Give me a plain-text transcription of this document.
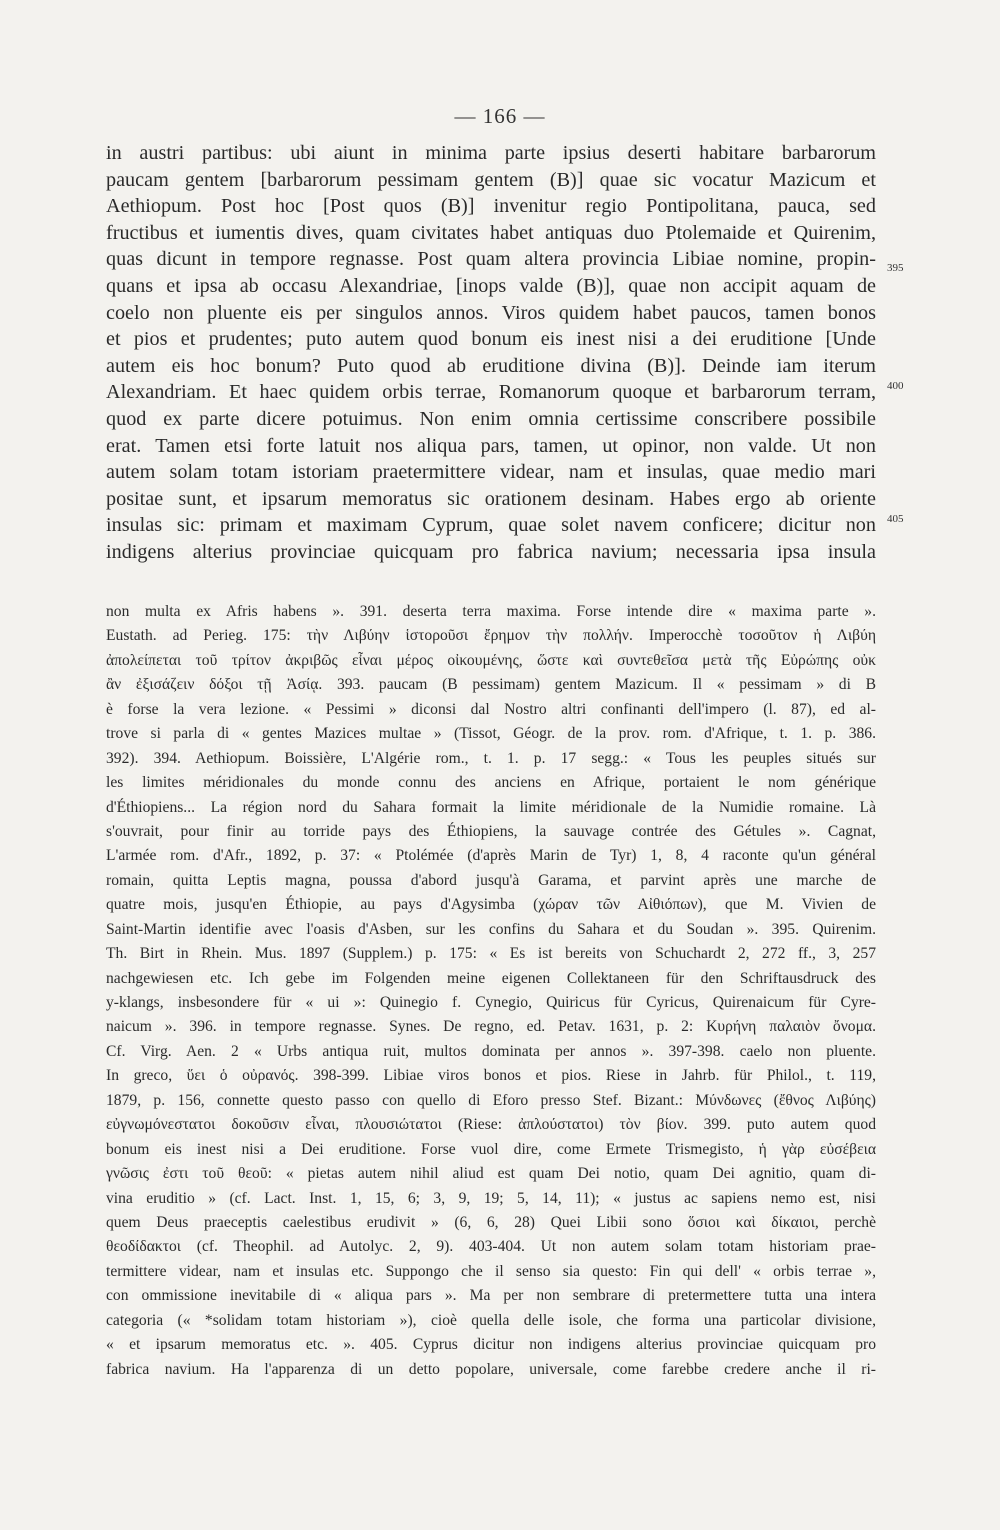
— 166 —
in austri partibus: ubi aiunt in minima parte ipsius deserti habitare barbarorum
paucam gentem [barbarorum pessimam gentem (B)] quae sic vocatur Mazicum et
Aethiopum. Post hoc [Post quos (B)] invenitur regio Pontipolitana, pauca, sed
fructibus et iumentis dives, quam civitates habet antiquas duo Ptolemaide et Quirenim,
quas dicunt in tempore regnasse. Post quam altera provincia Libiae nomine, propin-
quans et ipsa ab occasu Alexandriae, [inops valde (B)], quae non accipit aquam de
coelo non pluente eis per singulos annos. Viros quidem habet paucos, tamen bonos
et pios et prudentes; puto autem quod bonum eis inest nisi a dei eruditione [Unde
autem eis hoc bonum? Puto quod ab eruditione divina (B)]. Deinde iam iterum
Alexandriam. Et haec quidem orbis terrae, Romanorum quoque et barbarorum terram,
quod ex parte dicere potuimus. Non enim omnia certissime conscribere possibile
erat. Tamen etsi forte latuit nos aliqua pars, tamen, ut opinor, non valde. Ut non
autem solam totam istoriam praetermittere videar, nam et insulas, quae medio mari
positae sunt, et ipsarum memoratus sic orationem desinam. Habes ergo ab oriente
insulas sic: primam et maximam Cyprum, quae solet navem conficere; dicitur non
indigens alterius provinciae quicquam pro fabrica navium; necessaria ipsa insula
395
400
405
non multa ex Afris habens ». 391. deserta terra maxima. Forse intende dire « maxima parte ».
Eustath. ad Perieg. 175: τὴν Λιβύην ἱστοροῦσι ἔρημον τὴν πολλήν. Imperocchè τοσοῦτον ἡ Λιβύη
ἀπολείπεται τοῦ τρίτον ἀκριβῶς εἶναι μέρος οἰκουμένης, ὥστε καὶ συντεθεῖσα μετὰ τῆς Εὐρώπης οὐκ
ἂν ἐξισάζειν δόξοι τῇ Ἀσίᾳ. 393. paucam (B pessimam) gentem Mazicum. Il « pessimam » di B
è forse la vera lezione. « Pessimi » diconsi dal Nostro altri confinanti dell'impero (l. 87), ed al-
trove si parla di « gentes Mazices multae » (Tissot, Géogr. de la prov. rom. d'Afrique, t. 1. p. 386.
392). 394. Aethiopum. Boissière, L'Algérie rom., t. 1. p. 17 segg.: « Tous les peuples situés sur
les limites méridionales du monde connu des anciens en Afrique, portaient le nom générique
d'Éthiopiens... La région nord du Sahara formait la limite méridionale de la Numidie romaine. Là
s'ouvrait, pour finir au torride pays des Éthiopiens, la sauvage contrée des Gétules ». Cagnat,
L'armée rom. d'Afr., 1892, p. 37: « Ptolémée (d'après Marin de Tyr) 1, 8, 4 raconte qu'un général
romain, quitta Leptis magna, poussa d'abord jusqu'à Garama, et parvint après une marche de
quatre mois, jusqu'en Éthiopie, au pays d'Agysimba (χώραν τῶν Αἰθιόπων), que M. Vivien de
Saint-Martin identifie avec l'oasis d'Asben, sur les confins du Sahara et du Soudan ». 395. Quirenim.
Th. Birt in Rhein. Mus. 1897 (Supplem.) p. 175: « Es ist bereits von Schuchardt 2, 272 ff., 3, 257
nachgewiesen etc. Ich gebe im Folgenden meine eigenen Collektaneen für den Schriftausdruck des
y-klangs, insbesondere für « ui »: Quinegio f. Cynegio, Quiricus für Cyricus, Quirenaicum für Cyre-
naicum ». 396. in tempore regnasse. Synes. De regno, ed. Petav. 1631, p. 2: Κυρήνη παλαιὸν ὄνομα.
Cf. Virg. Aen. 2 « Urbs antiqua ruit, multos dominata per annos ». 397-398. caelo non pluente.
In greco, ὕει ὁ οὐρανός. 398-399. Libiae viros bonos et pios. Riese in Jahrb. für Philol., t. 119,
1879, p. 156, connette questo passo con quello di Eforo presso Stef. Bizant.: Μύνδωνες (ἔθνος Λιβύης)
εὐγνωμόνεστατοι δοκοῦσιν εἶναι, πλουσιώτατοι (Riese: ἀπλούστατοι) τὸν βίον. 399. puto autem quod
bonum eis inest nisi a Dei eruditione. Forse vuol dire, come Ermete Trismegisto, ἡ γὰρ εὐσέβεια
γνῶσις ἐστι τοῦ θεοῦ: « pietas autem nihil aliud est quam Dei notio, quam Dei agnitio, quam di-
vina eruditio » (cf. Lact. Inst. 1, 15, 6; 3, 9, 19; 5, 14, 11); « justus ac sapiens nemo est, nisi
quem Deus praeceptis caelestibus erudivit » (6, 6, 28) Quei Libii sono ὅσιοι καὶ δίκαιοι, perchè
θεοδίδακτοι (cf. Theophil. ad Autolyc. 2, 9). 403-404. Ut non autem solam totam historiam prae-
termittere videar, nam et insulas etc. Suppongo che il senso sia questo: Fin qui dell' « orbis terrae »,
con ommissione inevitabile di « aliqua pars ». Ma per non sembrare di pretermettere tutta una intera
categoria (« *solidam totam historiam »), cioè quella delle isole, che forma una particolar divisione,
« et ipsarum memoratus etc. ». 405. Cyprus dicitur non indigens alterius provinciae quicquam pro
fabrica navium. Ha l'apparenza di un detto popolare, universale, come farebbe credere anche il ri-
